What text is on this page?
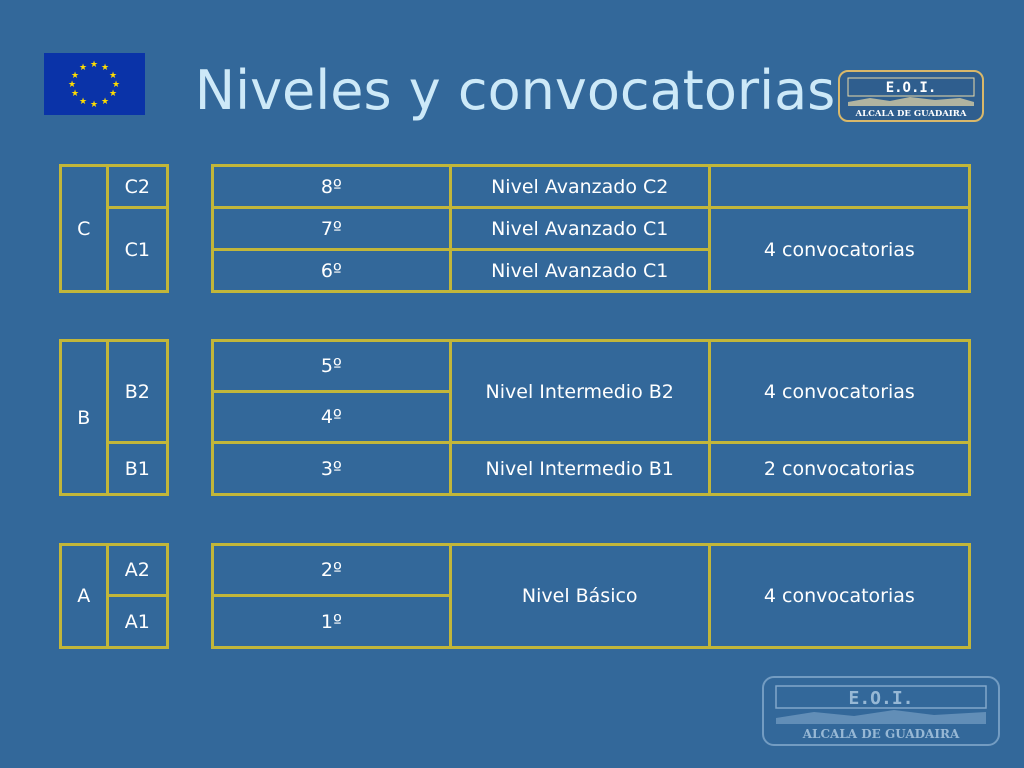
Niveles y convocatorias
★ ★
★
★
★
★
★
★
★
★
★
★
E.O.I.
ALCALA DE GUADAIRA
E.O.I.
ALCALA DE GUADAIRA
C	C2
C1
8º	Nivel Avanzado C2	
7º	Nivel Avanzado C1	4 convocatorias
6º	Nivel Avanzado C1	
B	B2
B1
5º	Nivel Intermedio B2	4 convocatorias
4º		
3º	Nivel Intermedio B1	2 convocatorias
A	A2
A1
2º	Nivel Básico	4 convocatorias
1º
